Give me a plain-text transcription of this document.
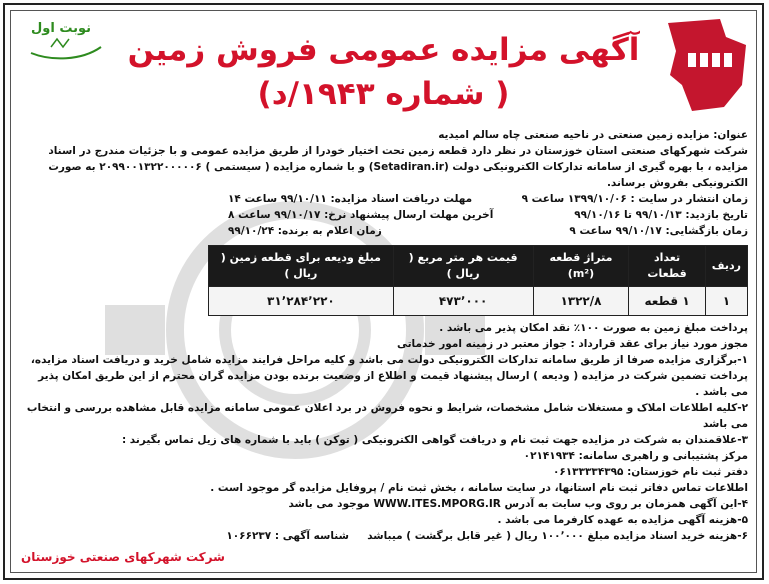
نوبت اول
آگهی مزایده عمومی فروش زمین
( شماره ۱۹۴۳/د)

عنوان: مزایده زمین صنعتی در ناحیه صنعتی چاه سالم امیدیه

شرکت شهرکهای صنعتی استان خوزستان در نظر دارد قطعه زمین تحت اختیار خودرا از طریق مزایده عمومی و با جزئیات مندرج در اسناد مزایده ، با بهره گیری از سامانه تدارکات الکترونیکی دولت (Setadiran.ir) و با شماره مزایده ( سیستمی ) ۲۰۹۹۰۰۱۳۲۲۰۰۰۰۰۶ به صورت الکترونیکی بفروش برساند.

زمان انتشار در سایت : ۱۳۹۹/۱۰/۰۶ ساعت ۹
مهلت دریافت اسناد مزایده: ۹۹/۱۰/۱۱ ساعت ۱۴
تاریخ بازدید: ۹۹/۱۰/۱۳ تا ۹۹/۱۰/۱۶
آخرین مهلت ارسال پیشنهاد نرخ: ۹۹/۱۰/۱۷ ساعت ۸
زمان بازگشایی: ۹۹/۱۰/۱۷ ساعت ۹
زمان اعلام به برنده: ۹۹/۱۰/۲۴
ردیف	تعداد قطعات	متراژ قطعه (m²)	قیمت هر متر مربع ( ریال )	مبلغ ودیعه برای قطعه زمین ( ریال )
۱	۱ قطعه	۱۳۲۲/۸	۴۷۳٬۰۰۰	۳۱٬۲۸۴٬۲۲۰

پرداخت مبلغ زمین به صورت ۱۰۰٪ نقد امکان پذیر می باشد .

مجوز مورد نیاز برای عقد قرارداد : جواز معتبر در زمینه امور خدماتی

۱-برگزاری مزایده صرفا از طریق سامانه تدارکات الکترونیکی دولت می باشد و کلیه مراحل فرایند مزایده شامل خرید و دریافت اسناد مزایده، پرداخت تضمین شرکت در مزایده ( ودیعه ) ارسال پیشنهاد قیمت و اطلاع از وضعیت برنده بودن مزایده گران محترم از این طریق امکان پذیر می باشد .

۲-کلیه اطلاعات املاک و مستغلات شامل مشخصات، شرایط و نحوه فروش در برد اعلان عمومی سامانه مزایده قابل مشاهده بررسی و انتخاب می باشد

۳-علاقمندان به شرکت در مزایده جهت ثبت نام و دریافت گواهی الکترونیکی ( توکن ) باید با شماره های زیل تماس بگیرند :

مرکز پشتیبانی و راهبری سامانه: ۰۲۱۴۱۹۳۴

دفتر ثبت نام خوزستان: ۰۶۱۳۳۳۳۴۳۹۵

اطلاعات تماس دفاتر ثبت نام استانها، در سایت سامانه ، بخش ثبت نام / پروفایل مزایده گر موجود است .

۴-این آگهی همزمان بر روی وب سایت به آدرس WWW.ITES.MPORG.IR موجود می باشد

۵-هزینه آگهی مزایده به عهده کارفرما می باشد .

۶-هزینه خرید اسناد مزایده مبلغ ۱۰۰٬۰۰۰ ریال ( غیر قابل برگشت ) میباشد     شناسه آگهی : ۱۰۶۶۲۳۷

شرکت شهرکهای صنعتی خوزستان
